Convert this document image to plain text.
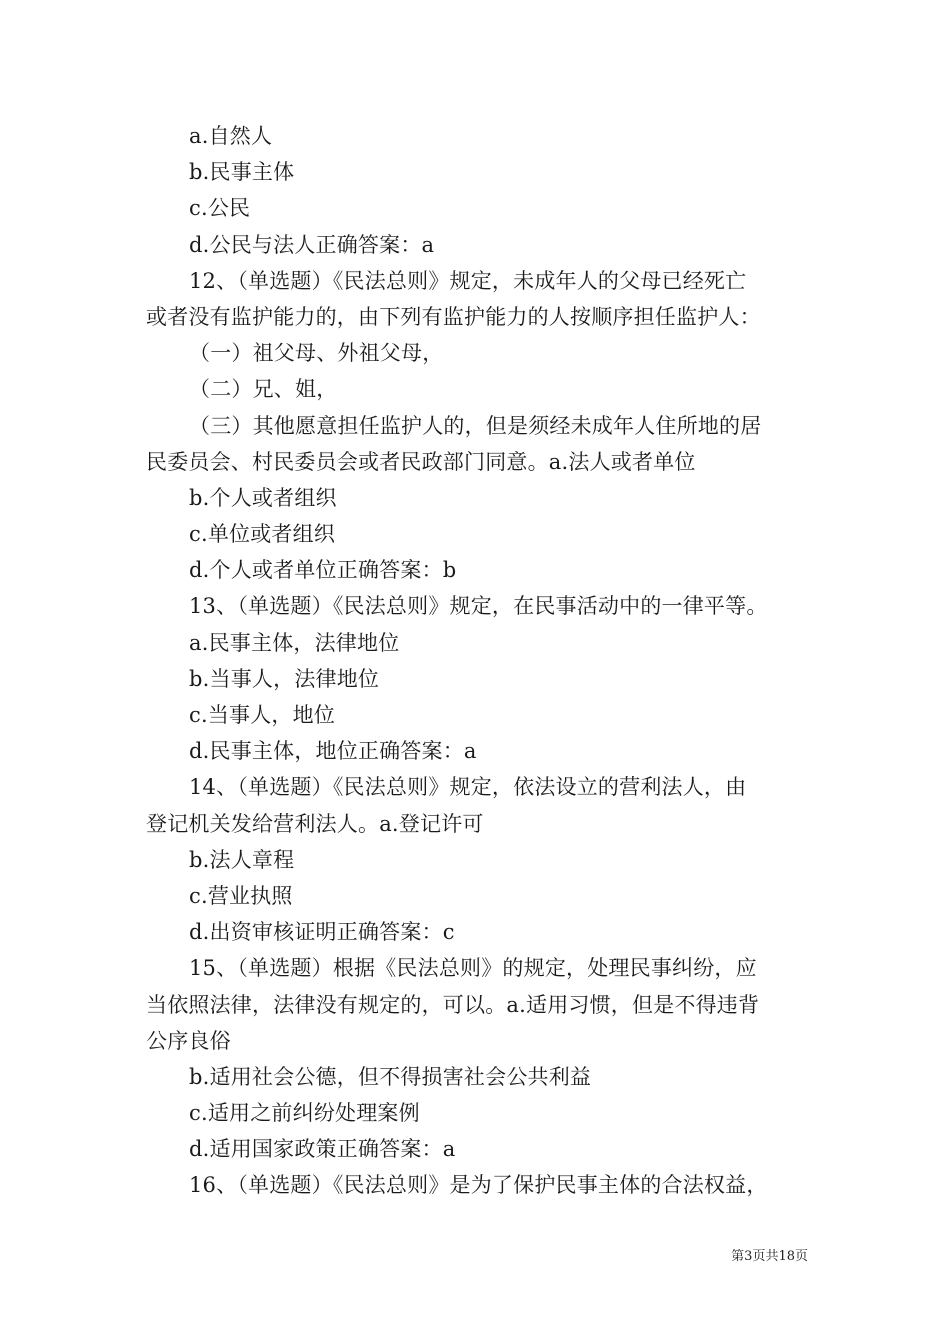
a.自然人
b.民事主体
c.公民
d.公民与法人正确答案：a
12、（单选题）《民法总则》规定，未成年人的父母已经死亡
或者没有监护能力的，由下列有监护能力的人按顺序担任监护人：
（一）祖父母、外祖父母，
（二）兄、姐，
（三）其他愿意担任监护人的，但是须经未成年人住所地的居
民委员会、村民委员会或者民政部门同意。a.法人或者单位
b.个人或者组织
c.单位或者组织
d.个人或者单位正确答案：b
13、（单选题）《民法总则》规定，在民事活动中的一律平等。
a.民事主体，法律地位
b.当事人，法律地位
c.当事人，地位
d.民事主体，地位正确答案：a
14、（单选题）《民法总则》规定，依法设立的营利法人，由
登记机关发给营利法人。a.登记许可
b.法人章程
c.营业执照
d.出资审核证明正确答案：c
15、（单选题）根据《民法总则》的规定，处理民事纠纷，应
当依照法律，法律没有规定的，可以。a.适用习惯，但是不得违背
公序良俗
b.适用社会公德，但不得损害社会公共利益
c.适用之前纠纷处理案例
d.适用国家政策正确答案：a
16、（单选题）《民法总则》是为了保护民事主体的合法权益，
第3页共18页
